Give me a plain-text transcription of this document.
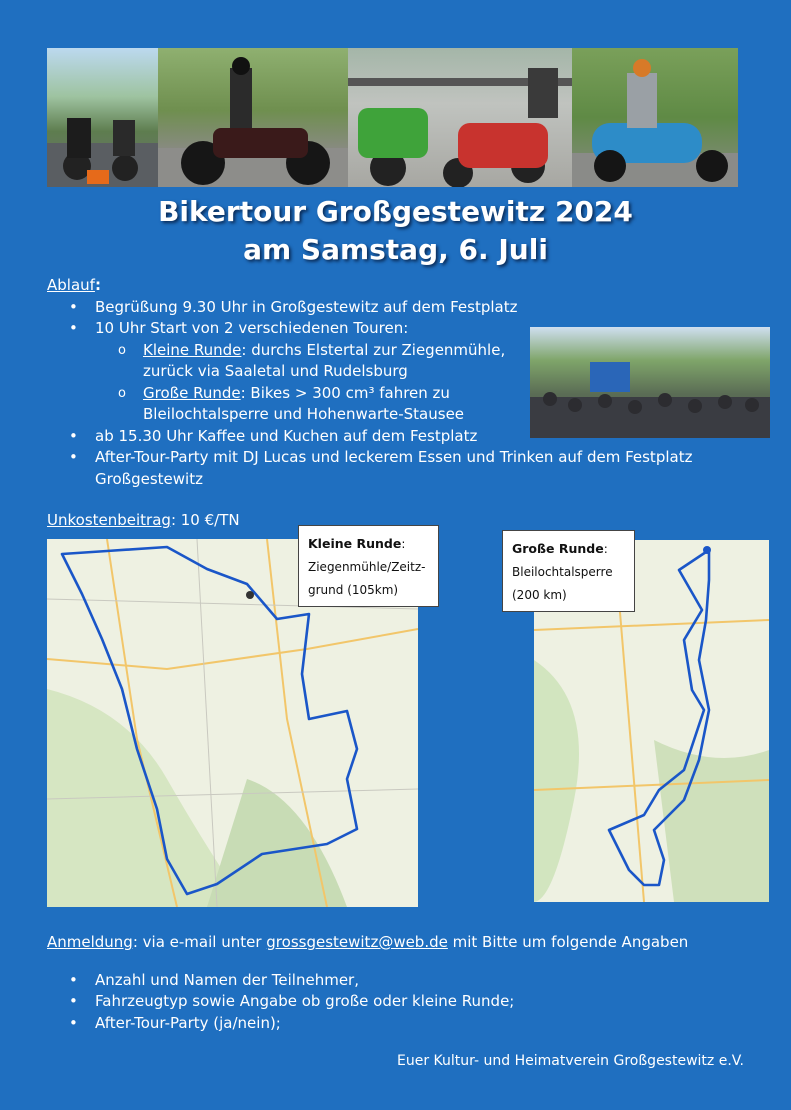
Bikertour Großgestewitz 2024
am Samstag, 6. Juli
Ablauf:
• Begrüßung 9.30 Uhr in Großgestewitz auf dem Festplatz
• 10 Uhr Start von 2 verschiedenen Touren:
o Kleine Runde: durchs Elstertal zur Ziegenmühle,
zurück via Saaletal und Rudelsburg
o Große Runde: Bikes > 300 cm³ fahren zu
Bleilochtalsperre und Hohenwarte-Stausee
• ab 15.30 Uhr Kaffee und Kuchen auf dem Festplatz
• After-Tour-Party mit DJ Lucas und leckerem Essen und Trinken auf dem Festplatz
Großgestewitz
Unkostenbeitrag: 10 €/TN
Kleine Runde:
Ziegenmühle/Zeitz-
grund (105km)
Große Runde:
Bleilochtalsperre
(200 km)
Anmeldung: via e-mail unter grossgestewitz@web.de mit Bitte um folgende Angaben
• Anzahl und Namen der Teilnehmer,
• Fahrzeugtyp sowie Angabe ob große oder kleine Runde;
• After-Tour-Party (ja/nein);
Euer Kultur- und Heimatverein Großgestewitz e.V.
